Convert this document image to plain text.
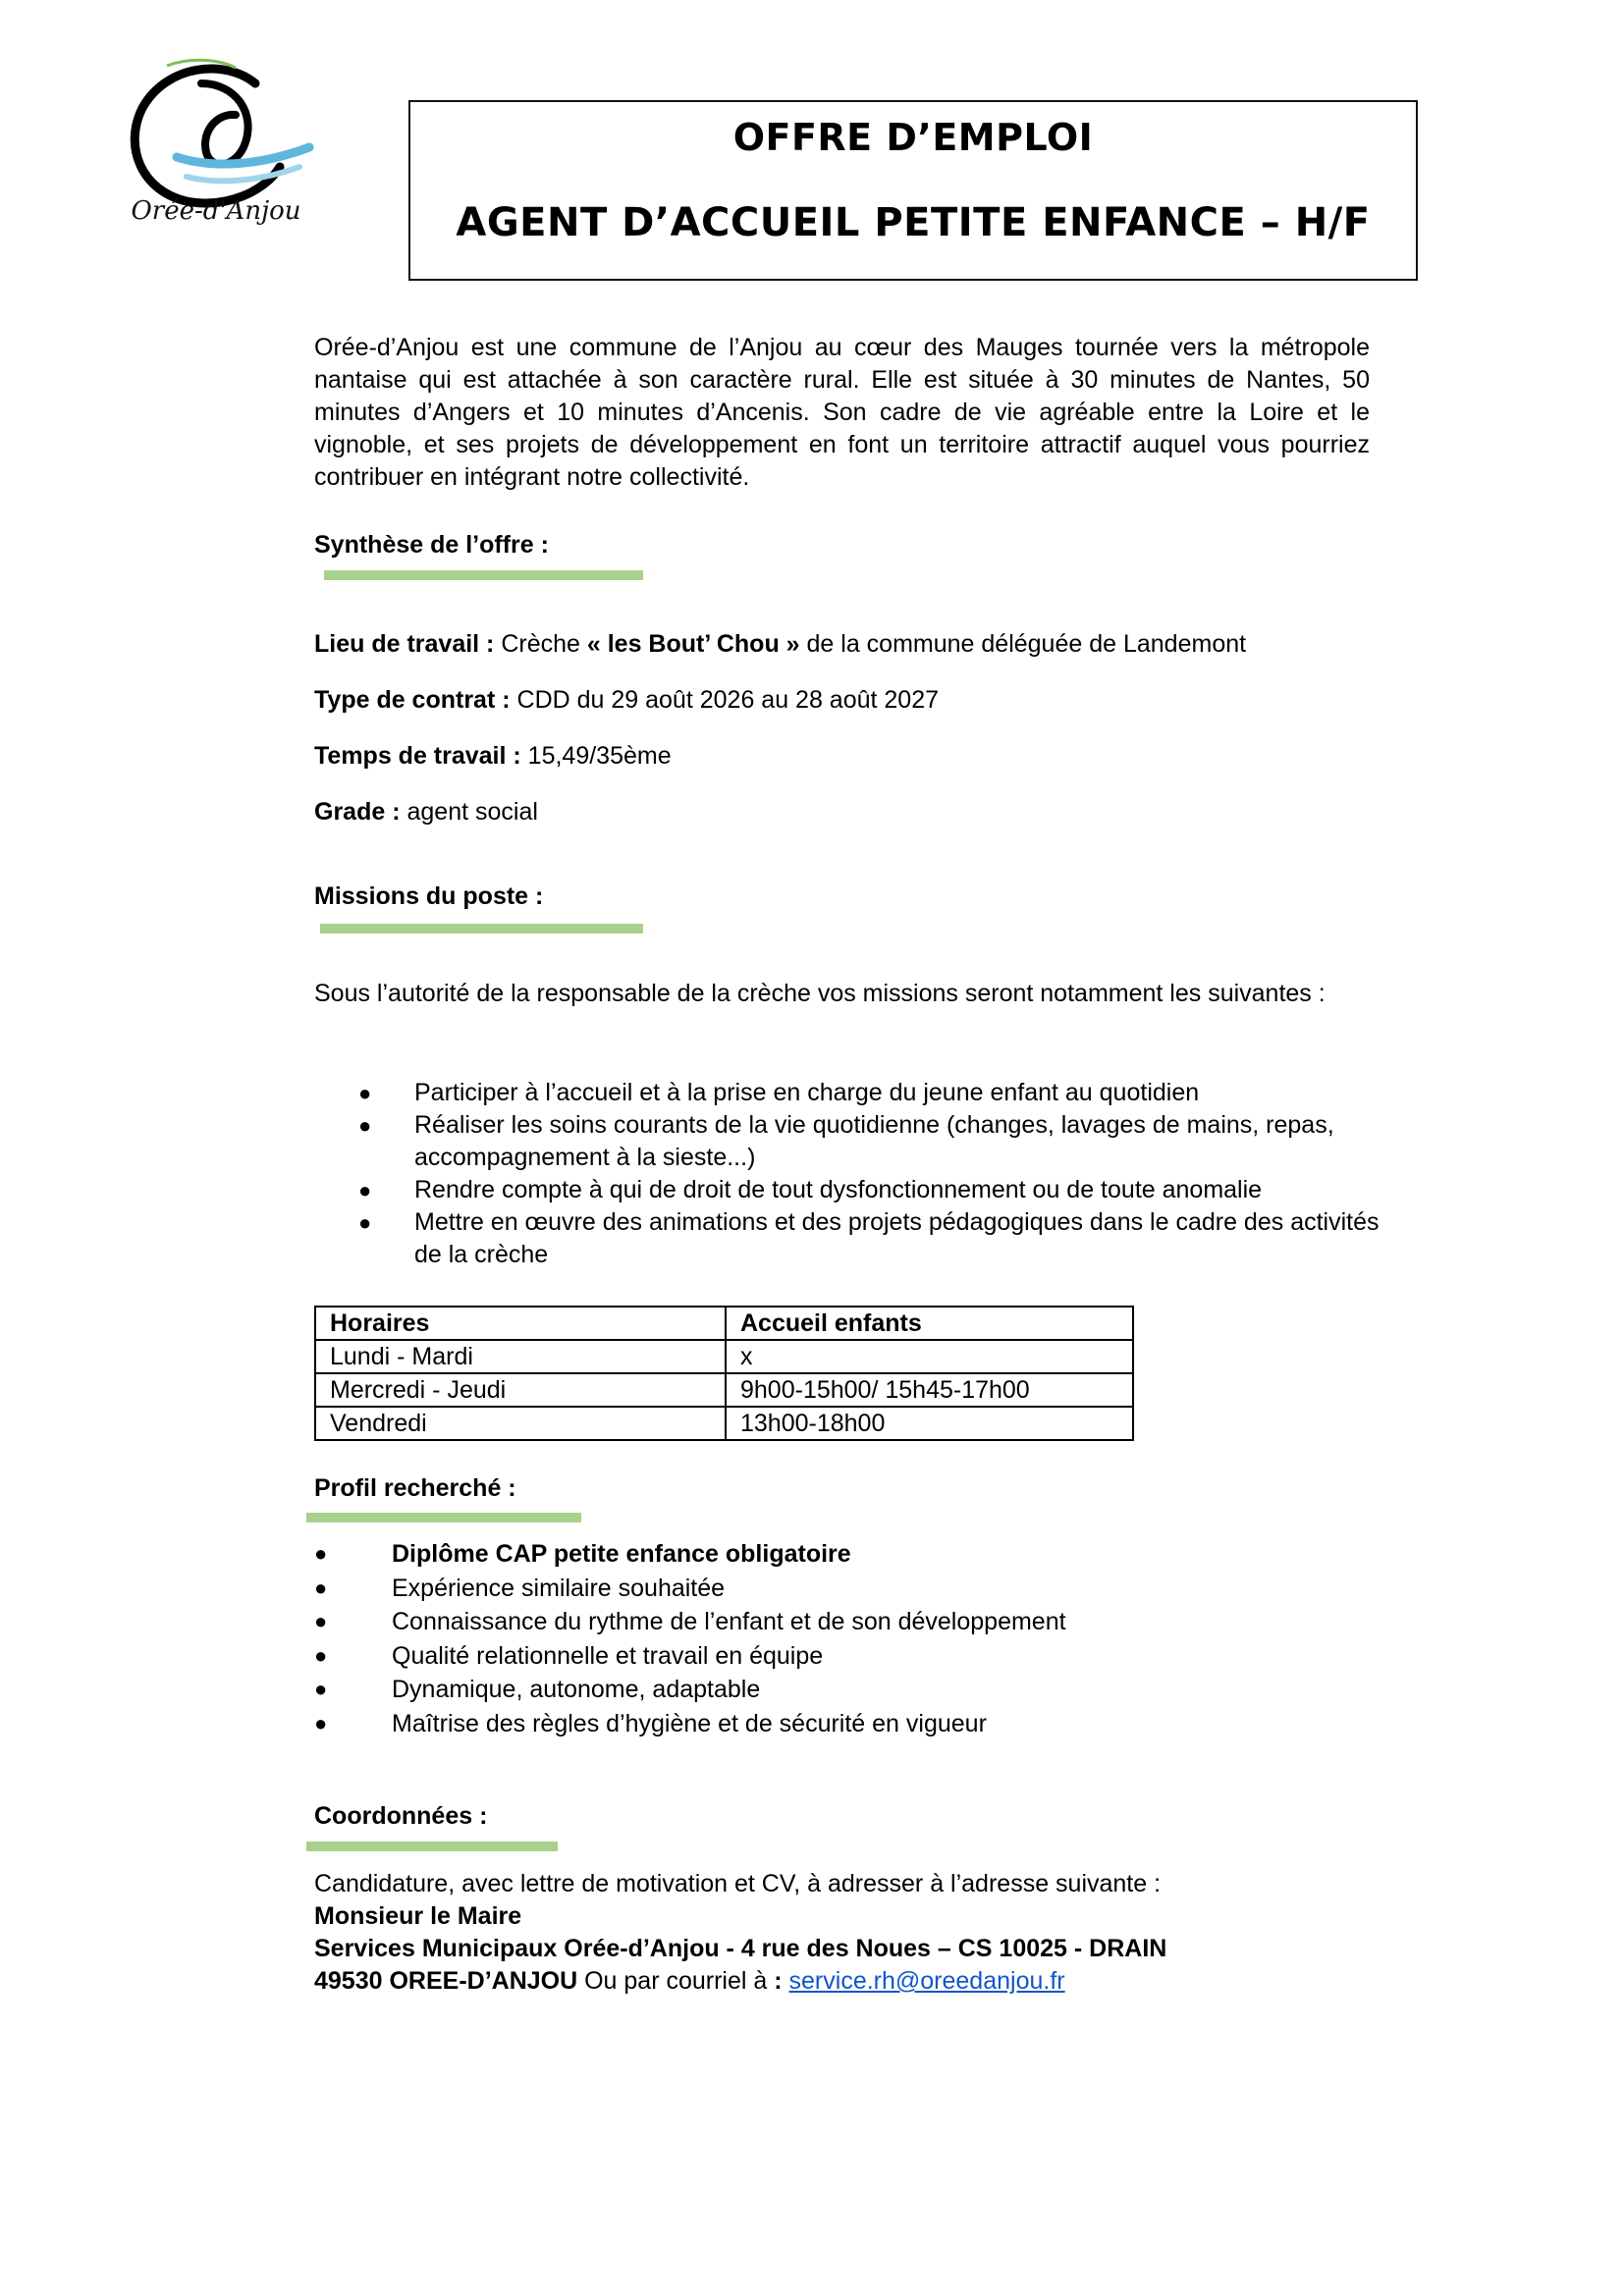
Orée-d'Anjou
OFFRE D’EMPLOI
AGENT D’ACCUEIL PETITE ENFANCE – H/F

Orée-d’Anjou est une commune de l’Anjou au cœur des Mauges tournée vers la métropole nantaise qui est attachée à son caractère rural. Elle est située à 30 minutes de Nantes, 50 minutes d’Angers et 10 minutes d’Ancenis. Son cadre de vie agréable entre la Loire et le vignoble, et ses projets de développement en font un territoire attractif auquel vous pourriez contribuer en intégrant notre collectivité.

Synthèse de l’offre :
Lieu de travail : Crèche « les Bout’ Chou » de la commune déléguée de Landemont
Type de contrat : CDD du 29 août 2026 au 28 août 2027
Temps de travail : 15,49/35ème
Grade : agent social
Missions du poste :

Sous l’autorité de la responsable de la crèche vos missions seront notamment les suivantes :

● Participer à l’accueil et à la prise en charge du jeune enfant au quotidien
● Réaliser les soins courants de la vie quotidienne (changes, lavages de mains, repas, accompagnement à la sieste...)
● Rendre compte à qui de droit de tout dysfonctionnement ou de toute anomalie
● Mettre en œuvre des animations et des projets pédagogiques dans le cadre des activités de la crèche
Horaires	Accueil enfants
Lundi - Mardi	x
Mercredi - Jeudi	9h00-15h00/ 15h45-17h00
Vendredi	13h00-18h00
Profil recherché :
●	Diplôme CAP petite enfance obligatoire
●	Expérience similaire souhaitée
●	Connaissance du rythme de l’enfant et de son développement
●	Qualité relationnelle et travail en équipe
●	Dynamique, autonome, adaptable
●	Maîtrise des règles d’hygiène et de sécurité en vigueur
Coordonnées :
Candidature, avec lettre de motivation et CV, à adresser à l’adresse suivante :
Monsieur le Maire
Services Municipaux Orée-d’Anjou - 4 rue des Noues – CS 10025 - DRAIN
49530 OREE-D’ANJOU Ou par courriel à : service.rh@oreedanjou.fr
